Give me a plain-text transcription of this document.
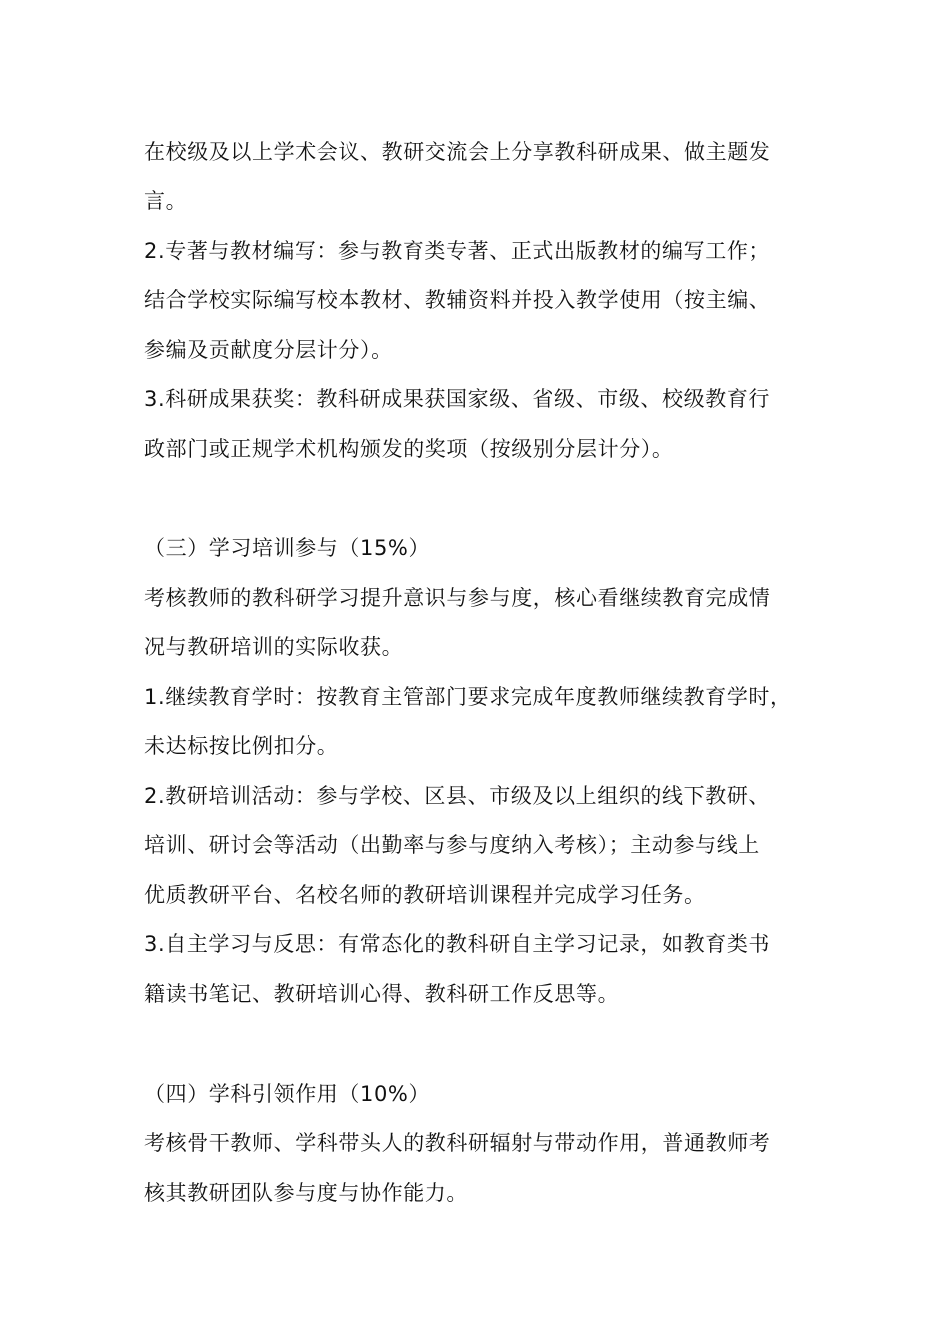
在校级及以上学术会议、教研交流会上分享教科研成果、做主题发
言。
2.专著与教材编写：参与教育类专著、正式出版教材的编写工作；
结合学校实际编写校本教材、教辅资料并投入教学使用（按主编、
参编及贡献度分层计分）。
3.科研成果获奖：教科研成果获国家级、省级、市级、校级教育行
政部门或正规学术机构颁发的奖项（按级别分层计分）。
（三）学习培训参与（15%）
考核教师的教科研学习提升意识与参与度，核心看继续教育完成情
况与教研培训的实际收获。
1.继续教育学时：按教育主管部门要求完成年度教师继续教育学时，
未达标按比例扣分。
2.教研培训活动：参与学校、区县、市级及以上组织的线下教研、
培训、研讨会等活动（出勤率与参与度纳入考核）；主动参与线上
优质教研平台、名校名师的教研培训课程并完成学习任务。
3.自主学习与反思：有常态化的教科研自主学习记录，如教育类书
籍读书笔记、教研培训心得、教科研工作反思等。
（四）学科引领作用（10%）
考核骨干教师、学科带头人的教科研辐射与带动作用，普通教师考
核其教研团队参与度与协作能力。
